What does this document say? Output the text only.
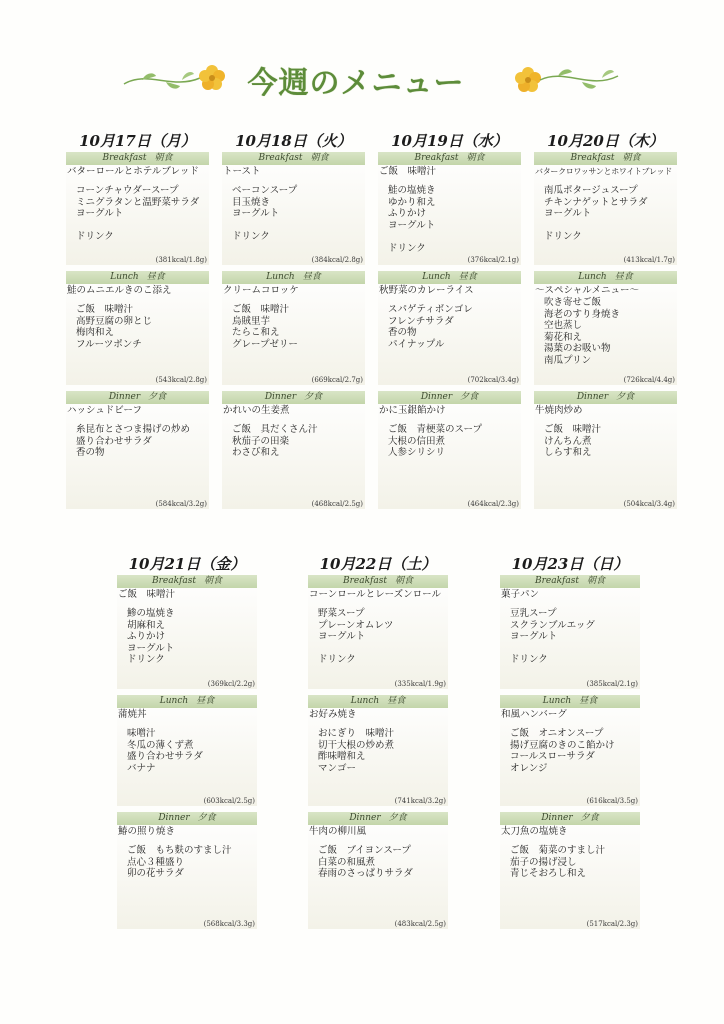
今週のメニュー
10月17日（月）
Breakfast 朝食
バターロールとホテルブレッド
コーンチャウダースープ
ミニグラタンと温野菜サラダ
ヨーグルト
ドリンク
(381kcal/1.8g)
Lunch 昼食
鮭のムニエルきのこ添え
ご飯　味噌汁
高野豆腐の卵とじ
梅肉和え
フルーツポンチ
(543kcal/2.8g)
Dinner 夕食
ハッシュドビーフ
糸昆布とさつま揚げの炒め
盛り合わせサラダ
香の物
(584kcal/3.2g)
10月18日（火）
Breakfast 朝食
トースト
ベーコンスープ
目玉焼き
ヨーグルト
ドリンク
(384kcal/2.8g)
Lunch 昼食
クリームコロッケ
ご飯　味噌汁
烏賊里芋
たらこ和え
グレープゼリー
(669kcal/2.7g)
Dinner 夕食
かれいの生姜煮
ご飯　具だくさん汁
秋茄子の田楽
わさび和え
(468kcal/2.5g)
10月19日（水）
Breakfast 朝食
ご飯　味噌汁
鮭の塩焼き
ゆかり和え
ふりかけ
ヨーグルト
ドリンク
(376kcal/2.1g)
Lunch 昼食
秋野菜のカレーライス
スパゲティボンゴレ
フレンチサラダ
香の物
パイナップル
(702kcal/3.4g)
Dinner 夕食
かに玉銀餡かけ
ご飯　青梗菜のスープ
大根の信田煮
人参シリシリ
(464kcal/2.3g)
10月20日（木）
Breakfast 朝食
バタークロワッサンとホワイトブレッド
南瓜ポタージュスープ
チキンナゲットとサラダ
ヨーグルト
ドリンク
(413kcal/1.7g)
Lunch 昼食
～スペシャルメニュー～
吹き寄せご飯
海老のすり身焼き
空也蒸し
菊花和え
湯葉のお吸い物
南瓜プリン
(726kcal/4.4g)
Dinner 夕食
牛焼肉炒め
ご飯　味噌汁
けんちん煮
しらす和え
(504kcal/3.4g)
10月21日（金）
Breakfast 朝食
ご飯　味噌汁
鯵の塩焼き
胡麻和え
ふりかけ
ヨーグルト
ドリンク
(369kcl/2.2g)
Lunch 昼食
蒲焼丼
味噌汁
冬瓜の薄くず煮
盛り合わせサラダ
バナナ
(603kcal/2.5g)
Dinner 夕食
鰆の照り焼き
ご飯　もち麩のすまし汁
点心３種盛り
卯の花サラダ
(568kcal/3.3g)
10月22日（土）
Breakfast 朝食
コーンロールとレーズンロール
野菜スープ
プレーンオムレツ
ヨーグルト
ドリンク
(335kcal/1.9g)
Lunch 昼食
お好み焼き
おにぎり　味噌汁
切干大根の炒め煮
酢味噌和え
マンゴー
(741kcal/3.2g)
Dinner 夕食
牛肉の柳川風
ご飯　ブイヨンスープ
白菜の和風煮
春雨のさっぱりサラダ
(483kcal/2.5g)
10月23日（日）
Breakfast 朝食
菓子パン
豆乳スープ
スクランブルエッグ
ヨーグルト
ドリンク
(385kcal/2.1g)
Lunch 昼食
和風ハンバーグ
ご飯　オニオンスープ
揚げ豆腐のきのこ餡かけ
コールスローサラダ
オレンジ
(616kcal/3.5g)
Dinner 夕食
太刀魚の塩焼き
ご飯　菊菜のすまし汁
茄子の揚げ浸し
青じそおろし和え
(517kcal/2.3g)
